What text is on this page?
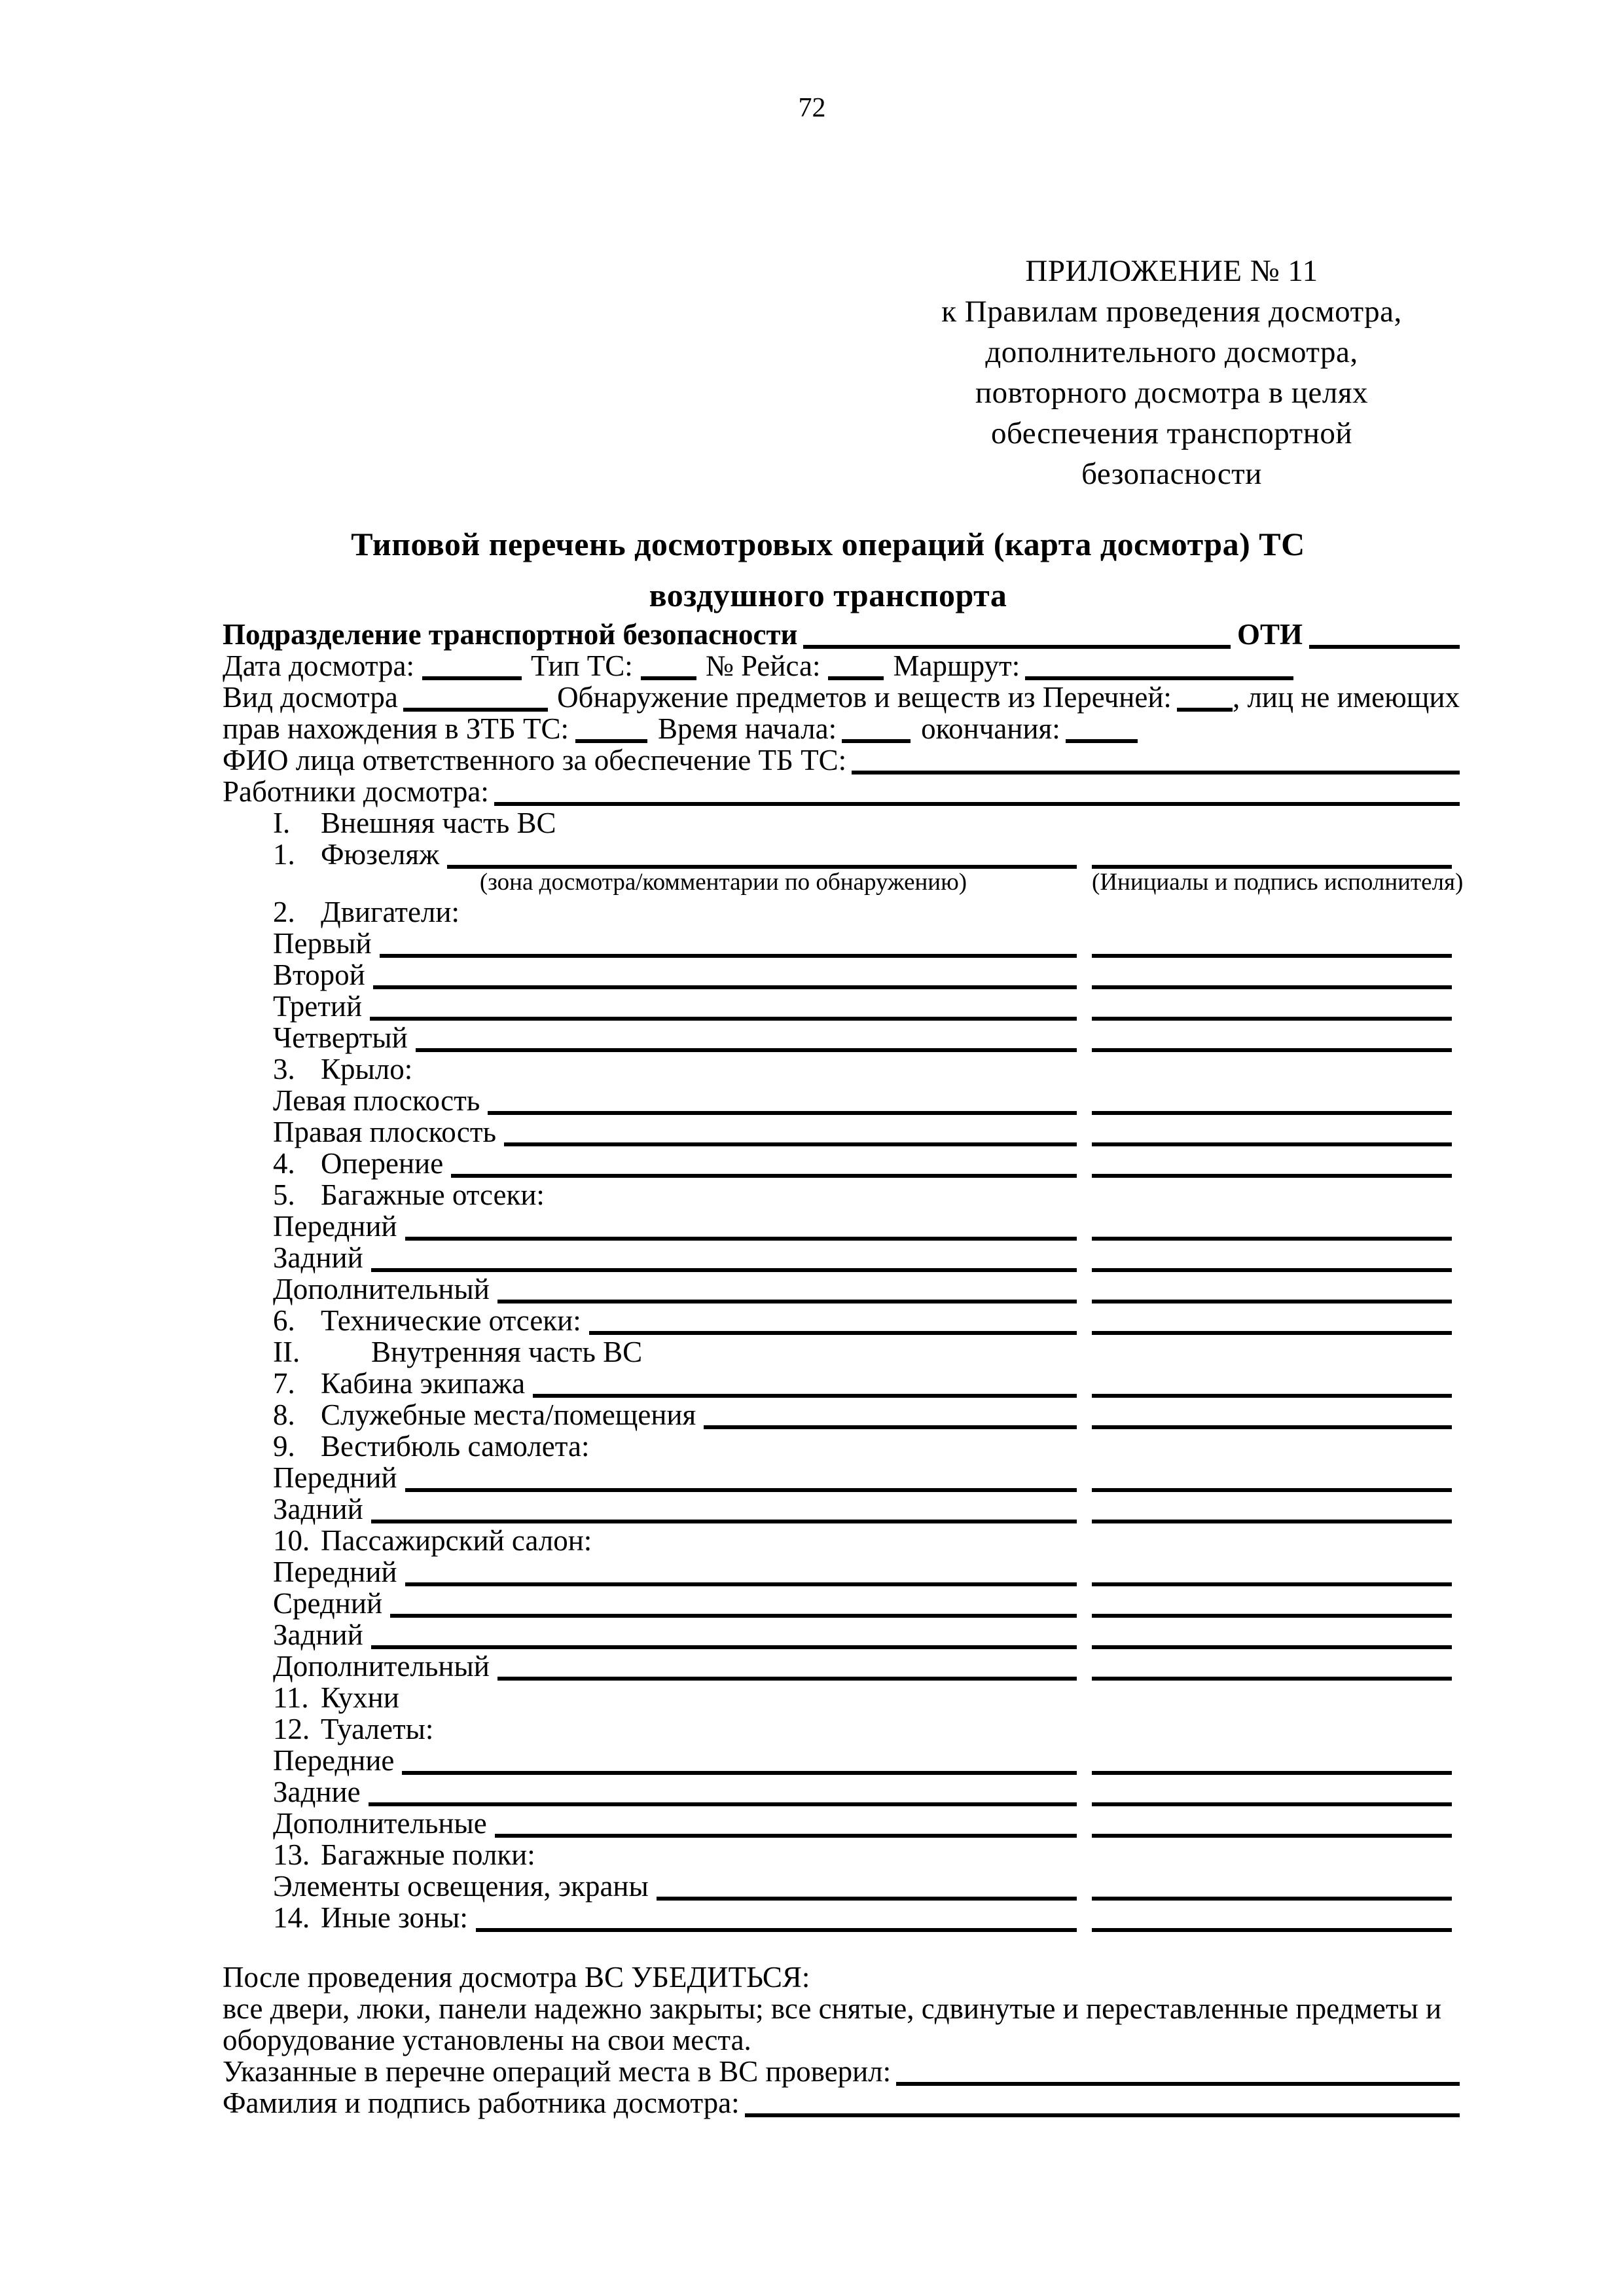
72
ПРИЛОЖЕНИЕ № 11
к Правилам проведения досмотра,
дополнительного досмотра,
повторного досмотра в целях
обеспечения транспортной
безопасности
Типовой перечень досмотровых операций (карта досмотра) ТС
воздушного транспорта
Подразделение транспортной безопасности	ОТИ
Дата досмотра:	Тип ТС: № Рейса: Маршрут:
Вид досмотра	Обнаружение предметов и веществ из Перечней: , лиц не имеющих
прав нахождения в ЗТБ ТС:	Время начала:	окончания:
ФИО лица ответственного за обеспечение ТБ ТС:
Работники досмотра:
I.	Внешняя часть ВС
1. Фюзеляж
(зона досмотра/комментарии по обнаружению)	(Инициалы и подпись исполнителя)
2. Двигатели:
Первый
Второй
Третий
Четвертый
3. Крыло:
Левая плоскость
Правая плоскость
4. Оперение
5. Багажные отсеки:
Передний
Задний
Дополнительный
6. Технические отсеки:
II.	Внутренняя часть ВС
7. Кабина экипажа
8. Служебные места/помещения
9. Вестибюль самолета:
Передний
Задний
10. Пассажирский салон:
Передний
Средний
Задний
Дополнительный
11. Кухни
12. Туалеты:
Передние
Задние
Дополнительные
13. Багажные полки:
Элементы освещения, экраны
14. Иные зоны:
После проведения досмотра ВС УБЕДИТЬСЯ:
все двери, люки, панели надежно закрыты; все снятые, сдвинутые и переставленные предметы и
оборудование установлены на свои места.
Указанные в перечне операций места в ВС проверил:
Фамилия и подпись работника досмотра:
